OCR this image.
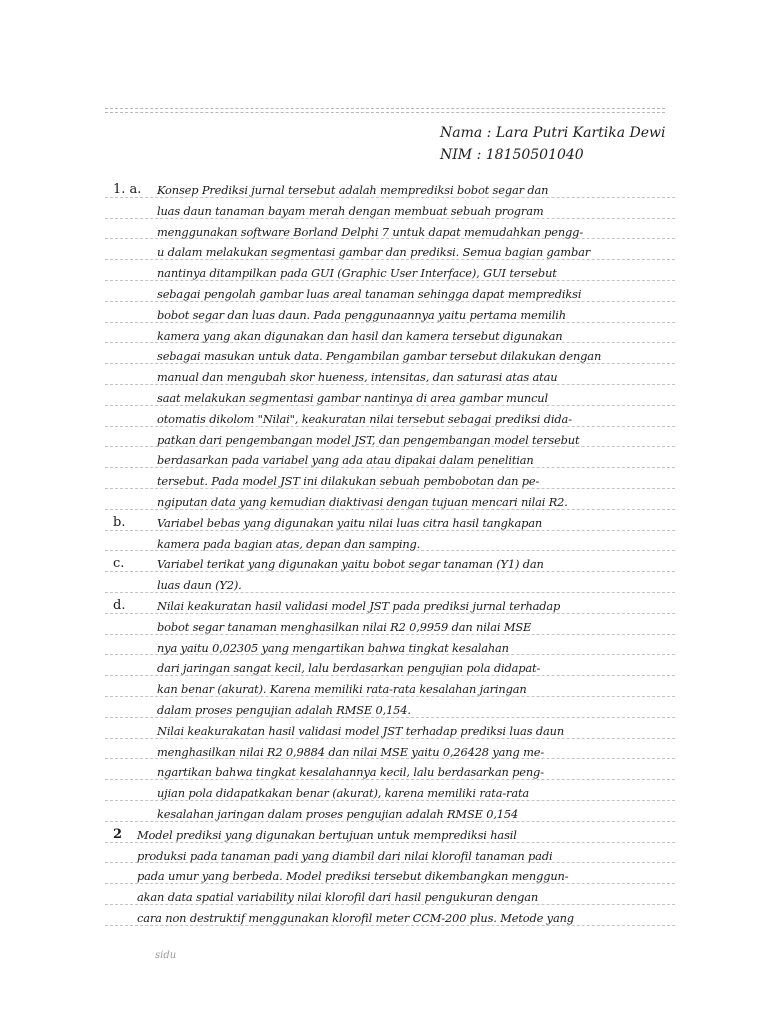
Nama : Lara Putri Kartika Dewi
NIM : 18150501040
1. a.	Konsep Prediksi jurnal tersebut adalah memprediksi bobot segar dan
luas daun tanaman bayam merah dengan membuat sebuah program
menggunakan software Borland Delphi 7 untuk dapat memudahkan pengg-
u dalam melakukan segmentasi gambar dan prediksi. Semua bagian gambar
nantinya ditampilkan pada GUI (Graphic User Interface), GUI tersebut
sebagai pengolah gambar luas areal tanaman sehingga dapat memprediksi
bobot segar dan luas daun. Pada penggunaannya yaitu pertama memilih
kamera yang akan digunakan dan hasil dan kamera tersebut digunakan
sebagai masukan untuk data. Pengambilan gambar tersebut dilakukan dengan
manual dan mengubah skor hueness, intensitas, dan saturasi atas atau
saat melakukan segmentasi gambar nantinya di area gambar muncul
otomatis dikolom "Nilai", keakuratan nilai tersebut sebagai prediksi dida-
patkan dari pengembangan model JST, dan pengembangan model tersebut
berdasarkan pada variabel yang ada atau dipakai dalam penelitian
tersebut. Pada model JST ini dilakukan sebuah pembobotan dan pe-
ngiputan data yang kemudian diaktivasi dengan tujuan mencari nilai R2.
b.	Variabel bebas yang digunakan yaitu nilai luas citra hasil tangkapan
kamera pada bagian atas, depan dan samping.
c.	Variabel terikat yang digunakan yaitu bobot segar tanaman (Y1) dan
luas daun (Y2).
d.	Nilai keakuratan hasil validasi model JST pada prediksi jurnal terhadap
bobot segar tanaman menghasilkan nilai R2 0,9959 dan nilai MSE
nya yaitu 0,02305 yang mengartikan bahwa tingkat kesalahan
dari jaringan sangat kecil, lalu berdasarkan pengujian pola didapat-
kan benar (akurat). Karena memiliki rata-rata kesalahan jaringan
dalam proses pengujian adalah RMSE 0,154.
Nilai keakurakatan hasil validasi model JST terhadap prediksi luas daun
menghasilkan nilai R2 0,9884 dan nilai MSE yaitu 0,26428 yang me-
ngartikan bahwa tingkat kesalahannya kecil, lalu berdasarkan peng-
ujian pola didapatkakan benar (akurat), karena memiliki rata-rata
kesalahan jaringan dalam proses pengujian adalah RMSE 0,154
2	Model prediksi yang digunakan bertujuan untuk memprediksi hasil
produksi pada tanaman padi yang diambil dari nilai klorofil tanaman padi
pada umur yang berbeda. Model prediksi tersebut dikembangkan menggun-
akan data spatial variability nilai klorofil dari hasil pengukuran dengan
cara non destruktif menggunakan klorofil meter CCM-200 plus. Metode yang
sidu
